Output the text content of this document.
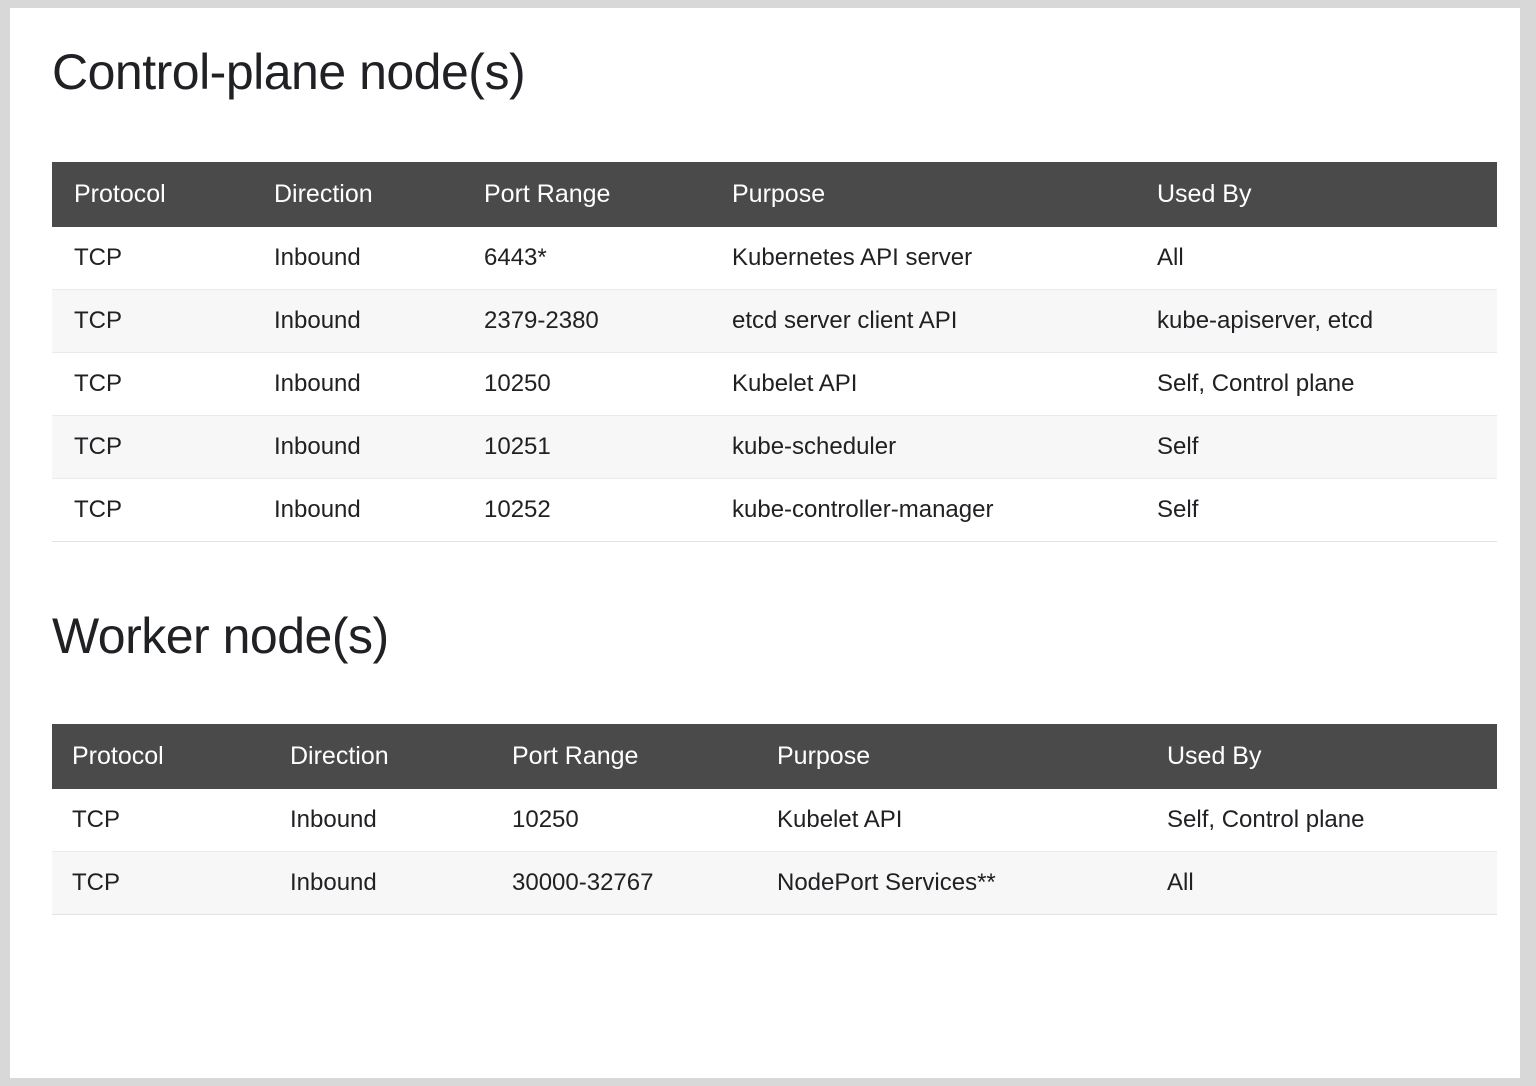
Control-plane node(s)
Protocol	Direction	Port Range	Purpose	Used By
TCP	Inbound	6443*	Kubernetes API server	All
TCP	Inbound	2379-2380	etcd server client API	kube-apiserver, etcd
TCP	Inbound	10250	Kubelet API	Self, Control plane
TCP	Inbound	10251	kube-scheduler	Self
TCP	Inbound	10252	kube-controller-manager	Self
Worker node(s)
Protocol	Direction	Port Range	Purpose	Used By
TCP	Inbound	10250	Kubelet API	Self, Control plane
TCP	Inbound	30000-32767	NodePort Services**	All
